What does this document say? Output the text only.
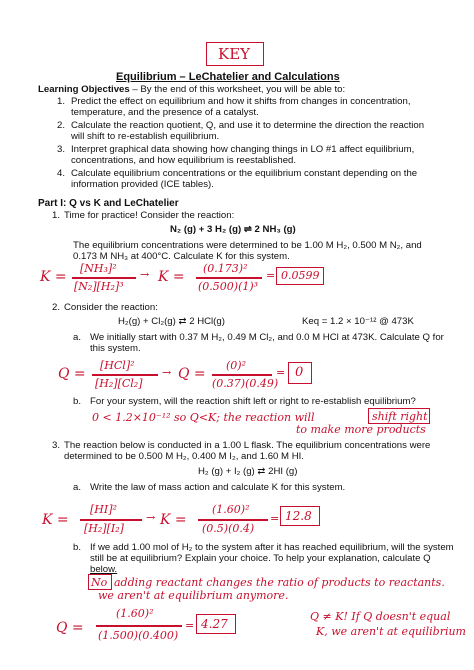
KEY
Equilibrium – LeChatelier and Calculations
Learning Objectives – By the end of this worksheet, you will be able to:
1. Predict the effect on equilibrium and how it shifts from changes in concentration,
temperature, and the presence of a catalyst.
2. Calculate the reaction quotient, Q, and use it to determine the direction the reaction
will shift to re-establish equilibrium.
3. Interpret graphical data showing how changing things in LO #1 affect equilibrium,
concentrations, and how equilibrium is reestablished.
4. Calculate equilibrium concentrations or the equilibrium constant depending on the
information provided (ICE tables).
Part I: Q vs K and LeChatelier
1. Time for practice! Consider the reaction:
N₂ (g) + 3 H₂ (g) ⇌ 2 NH₃ (g)
The equilibrium concentrations were determined to be 1.00 M H₂, 0.500 M N₂, and
0.173 M NH₃ at 400°C. Calculate K for this system.
K =
[NH₃]²
[N₂][H₂]³
→ K =
(0.173)²
(0.500)(1)³
= 0.0599
2. Consider the reaction:
H₂(g) + Cl₂(g) ⇄ 2 HCl(g)	Keq = 1.2 × 10⁻¹² @ 473K
a. We initially start with 0.37 M H₂, 0.49 M Cl₂, and 0.0 M HCl at 473K. Calculate Q for
this system.
Q =
[HCl]²
[H₂][Cl₂]
→ Q =
(0)²
(0.37)(0.49)
= 0
b. For your system, will the reaction shift left or right to re-establish equilibrium?
0 < 1.2×10⁻¹² so Q<K; the reaction will	shift right
to make more products
3. The reaction below is conducted in a 1.00 L flask. The equilibrium concentrations were
determined to be 0.500 M H₂, 0.400 M I₂, and 1.60 M HI.
H₂ (g) + I₂ (g) ⇄ 2HI (g)
a. Write the law of mass action and calculate K for this system.
K =
[HI]²
[H₂][I₂]
→ K =
(1.60)²
(0.5)(0.4)
= 12.8
b. If we add 1.00 mol of H₂ to the system after it has reached equilibrium, will the system
still be at equilibrium? Explain your choice. To help your explanation, calculate Q
below.
No adding reactant changes the ratio of products to reactants.
we aren't at equilibrium anymore.
Q =
(1.60)²
(1.500)(0.400)
= 4.27
Q ≠ K! If Q doesn't equal
K, we aren't at equilibrium
